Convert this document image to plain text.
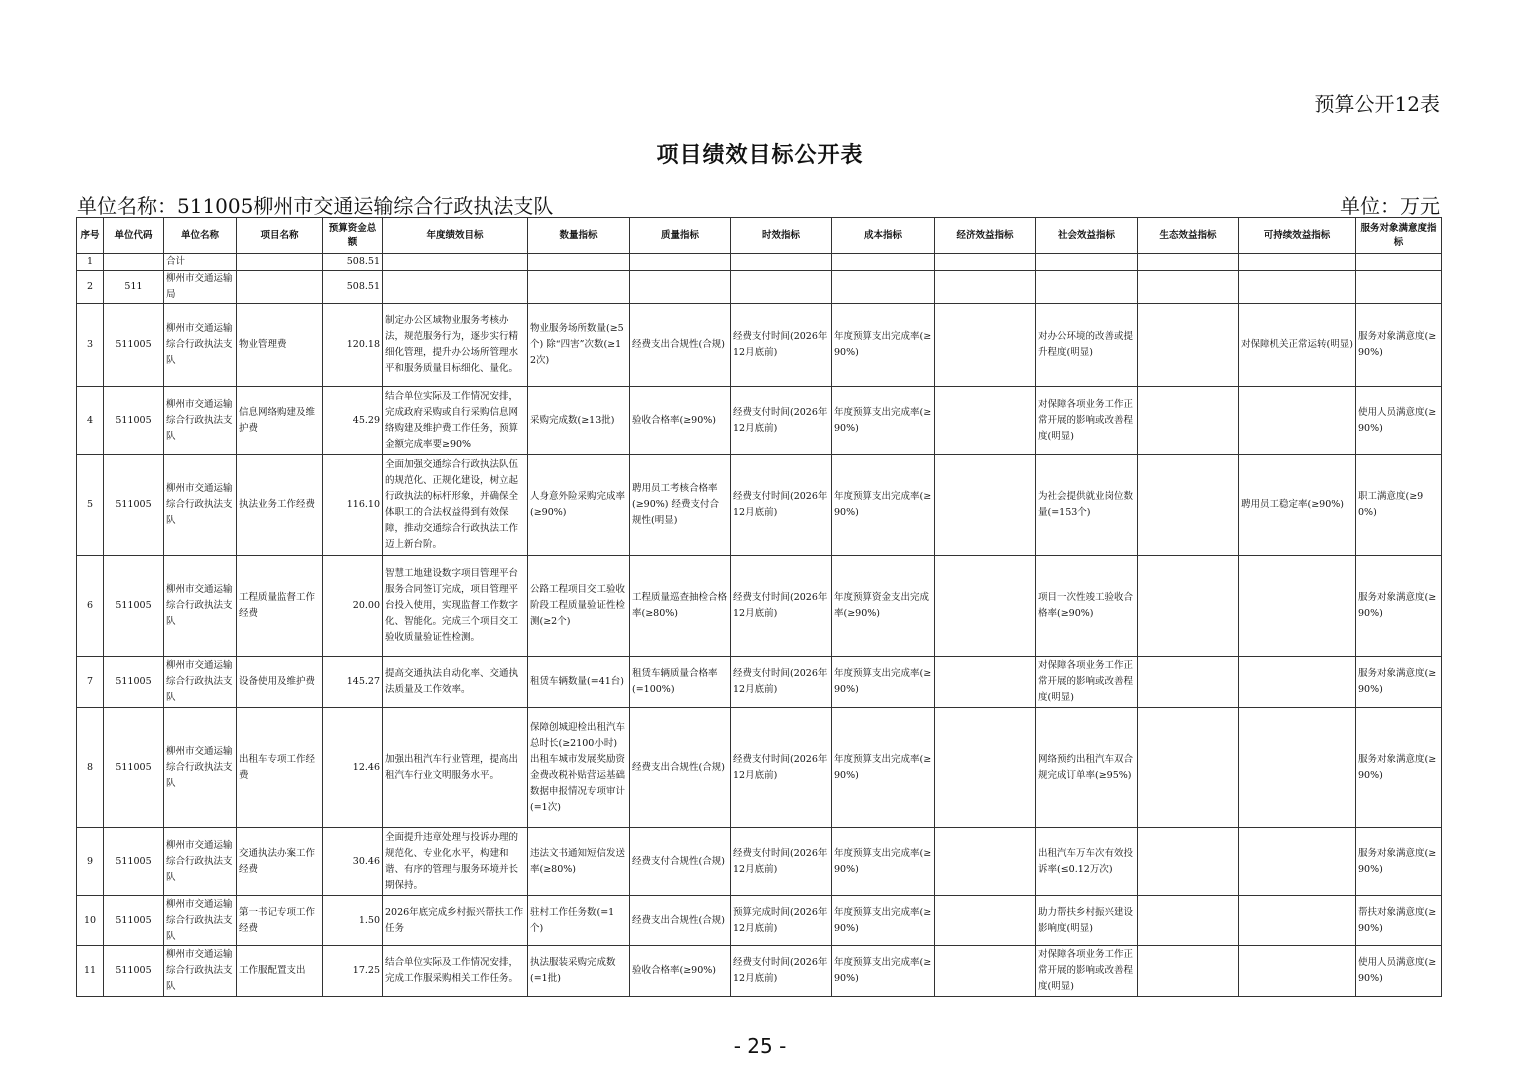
预算公开12表
项目绩效目标公开表
单位名称：511005柳州市交通运输综合行政执法支队	单位：万元
序号	单位代码	单位名称	项目名称	预算资金总额	年度绩效目标	数量指标	质量指标	时效指标	成本指标	经济效益指标	社会效益指标	生态效益指标	可持续效益指标	服务对象满意度指标
1		合计		508.51										
2	511	柳州市交通运输局		508.51										
3	511005	柳州市交通运输综合行政执法支队	物业管理费	120.18	制定办公区域物业服务考核办法，规范服务行为，逐步实行精细化管理，提升办公场所管理水平和服务质量目标细化、量化。	物业服务场所数量(≥5个) 除“四害”次数(≥12次)	经费支出合规性(合规)	经费支付时间(2026年12月底前)	年度预算支出完成率(≥90%)		对办公环境的改善或提升程度(明显)		对保障机关正常运转(明显)	服务对象满意度(≥90%)
4	511005	柳州市交通运输综合行政执法支队	信息网络购建及维护费	45.29	结合单位实际及工作情况安排，完成政府采购或自行采购信息网络购建及维护费工作任务，预算金额完成率要≥90%	采购完成数(≥13批)	验收合格率(≥90%)	经费支付时间(2026年12月底前)	年度预算支出完成率(≥90%)		对保障各项业务工作正常开展的影响或改善程度(明显)			使用人员满意度(≥90%)
5	511005	柳州市交通运输综合行政执法支队	执法业务工作经费	116.10	全面加强交通综合行政执法队伍的规范化、正规化建设，树立起行政执法的标杆形象，并确保全体职工的合法权益得到有效保障，推动交通综合行政执法工作迈上新台阶。	人身意外险采购完成率(≥90%)	聘用员工考核合格率(≥90%) 经费支付合规性(明显)	经费支付时间(2026年12月底前)	年度预算支出完成率(≥90%)		为社会提供就业岗位数量(=153个)		聘用员工稳定率(≥90%)	职工满意度(≥90%)
6	511005	柳州市交通运输综合行政执法支队	工程质量监督工作经费	20.00	智慧工地建设数字项目管理平台服务合同签订完成，项目管理平台投入使用，实现监督工作数字化、智能化。完成三个项目交工验收质量验证性检测。	公路工程项目交工验收阶段工程质量验证性检测(≥2个)	工程质量巡查抽检合格率(≥80%)	经费支付时间(2026年12月底前)	年度预算资金支出完成率(≥90%)		项目一次性竣工验收合格率(≥90%)			服务对象满意度(≥90%)
7	511005	柳州市交通运输综合行政执法支队	设备使用及维护费	145.27	提高交通执法自动化率、交通执法质量及工作效率。	租赁车辆数量(=41台)	租赁车辆质量合格率(=100%)	经费支付时间(2026年12月底前)	年度预算支出完成率(≥90%)		对保障各项业务工作正常开展的影响或改善程度(明显)			服务对象满意度(≥90%)
8	511005	柳州市交通运输综合行政执法支队	出租车专项工作经费	12.46	加强出租汽车行业管理，提高出租汽车行业文明服务水平。	保障创城迎检出租汽车总时长(≥2100小时) 出租车城市发展奖励资金费改税补贴营运基础数据申报情况专项审计(=1次)	经费支出合规性(合规)	经费支付时间(2026年12月底前)	年度预算支出完成率(≥90%)		网络预约出租汽车双合规完成订单率(≥95%)			服务对象满意度(≥90%)
9	511005	柳州市交通运输综合行政执法支队	交通执法办案工作经费	30.46	全面提升违章处理与投诉办理的规范化、专业化水平，构建和谐、有序的管理与服务环境并长期保持。	违法文书通知短信发送率(≥80%)	经费支付合规性(合规)	经费支付时间(2026年12月底前)	年度预算支出完成率(≥90%)		出租汽车万车次有效投诉率(≤0.12万次)			服务对象满意度(≥90%)
10	511005	柳州市交通运输综合行政执法支队	第一书记专项工作经费	1.50	2026年底完成乡村振兴帮扶工作任务	驻村工作任务数(=1个)	经费支出合规性(合规)	预算完成时间(2026年12月底前)	年度预算支出完成率(≥90%)		助力帮扶乡村振兴建设影响度(明显)			帮扶对象满意度(≥90%)
11	511005	柳州市交通运输综合行政执法支队	工作服配置支出	17.25	结合单位实际及工作情况安排，完成工作服采购相关工作任务。	执法服装采购完成数(=1批)	验收合格率(≥90%)	经费支付时间(2026年12月底前)	年度预算支出完成率(≥90%)		对保障各项业务工作正常开展的影响或改善程度(明显)			使用人员满意度(≥90%)
- 25 -
